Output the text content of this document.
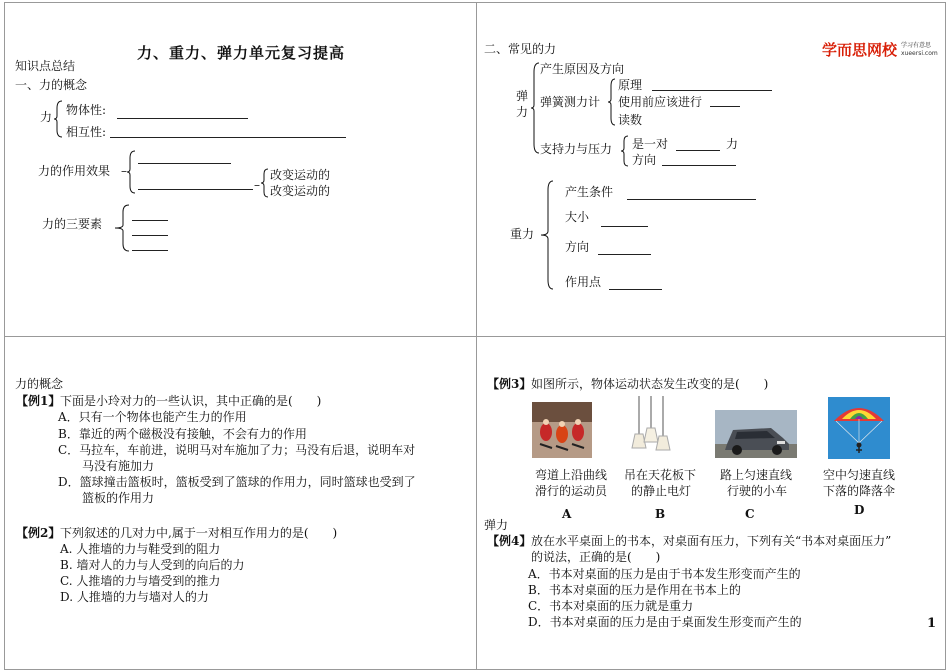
力、重力、弹力单元复习提高
知识点总结
一、力的概念
力 物体性:
相互性:
力的作用效果 –
–
改变运动的
改变运动的
力的三要素
学而思网校 学习有意思
xueersi.com
二、常见的力
弹力
产生原因及方向
弹簧测力计
原理
使用前应该进行
读数
支持力与压力 是一对	力
方向
重力
产生条件
大小
方向
作用点
力的概念
【例1】 下面是小玲对力的一些认识，其中正确的是(　　)
A．只有一个物体也能产生力的作用
B．靠近的两个磁极没有接触，不会有力的作用
C．马拉车，车前进，说明马对车施加了力；马没有后退，说明车对
马没有施加力
D．篮球撞击篮板时，篮板受到了篮球的作用力，同时篮球也受到了
篮板的作用力
【例2】 下列叙述的几对力中,属于一对相互作用力的是(　　)
A. 人推墙的力与鞋受到的阻力
B. 墙对人的力与人受到的向后的力
C. 人推墙的力与墙受到的推力
D. 人推墙的力与墙对人的力
【例3】 如图所示，物体运动状态发生改变的是(　　)
弯道上沿曲线
滑行的运动员
A
吊在天花板下
的静止电灯
B
路上匀速直线
行驶的小车
C
空中匀速直线
下落的降落伞
D
弹力
【例4】 放在水平桌面上的书本，对桌面有压力，下列有关“书本对桌面压力”
的说法，正确的是(　　)
A．书本对桌面的压力是由于书本发生形变而产生的
B．书本对桌面的压力是作用在书本上的
C．书本对桌面的压力就是重力
D．书本对桌面的压力是由于桌面发生形变而产生的	1
